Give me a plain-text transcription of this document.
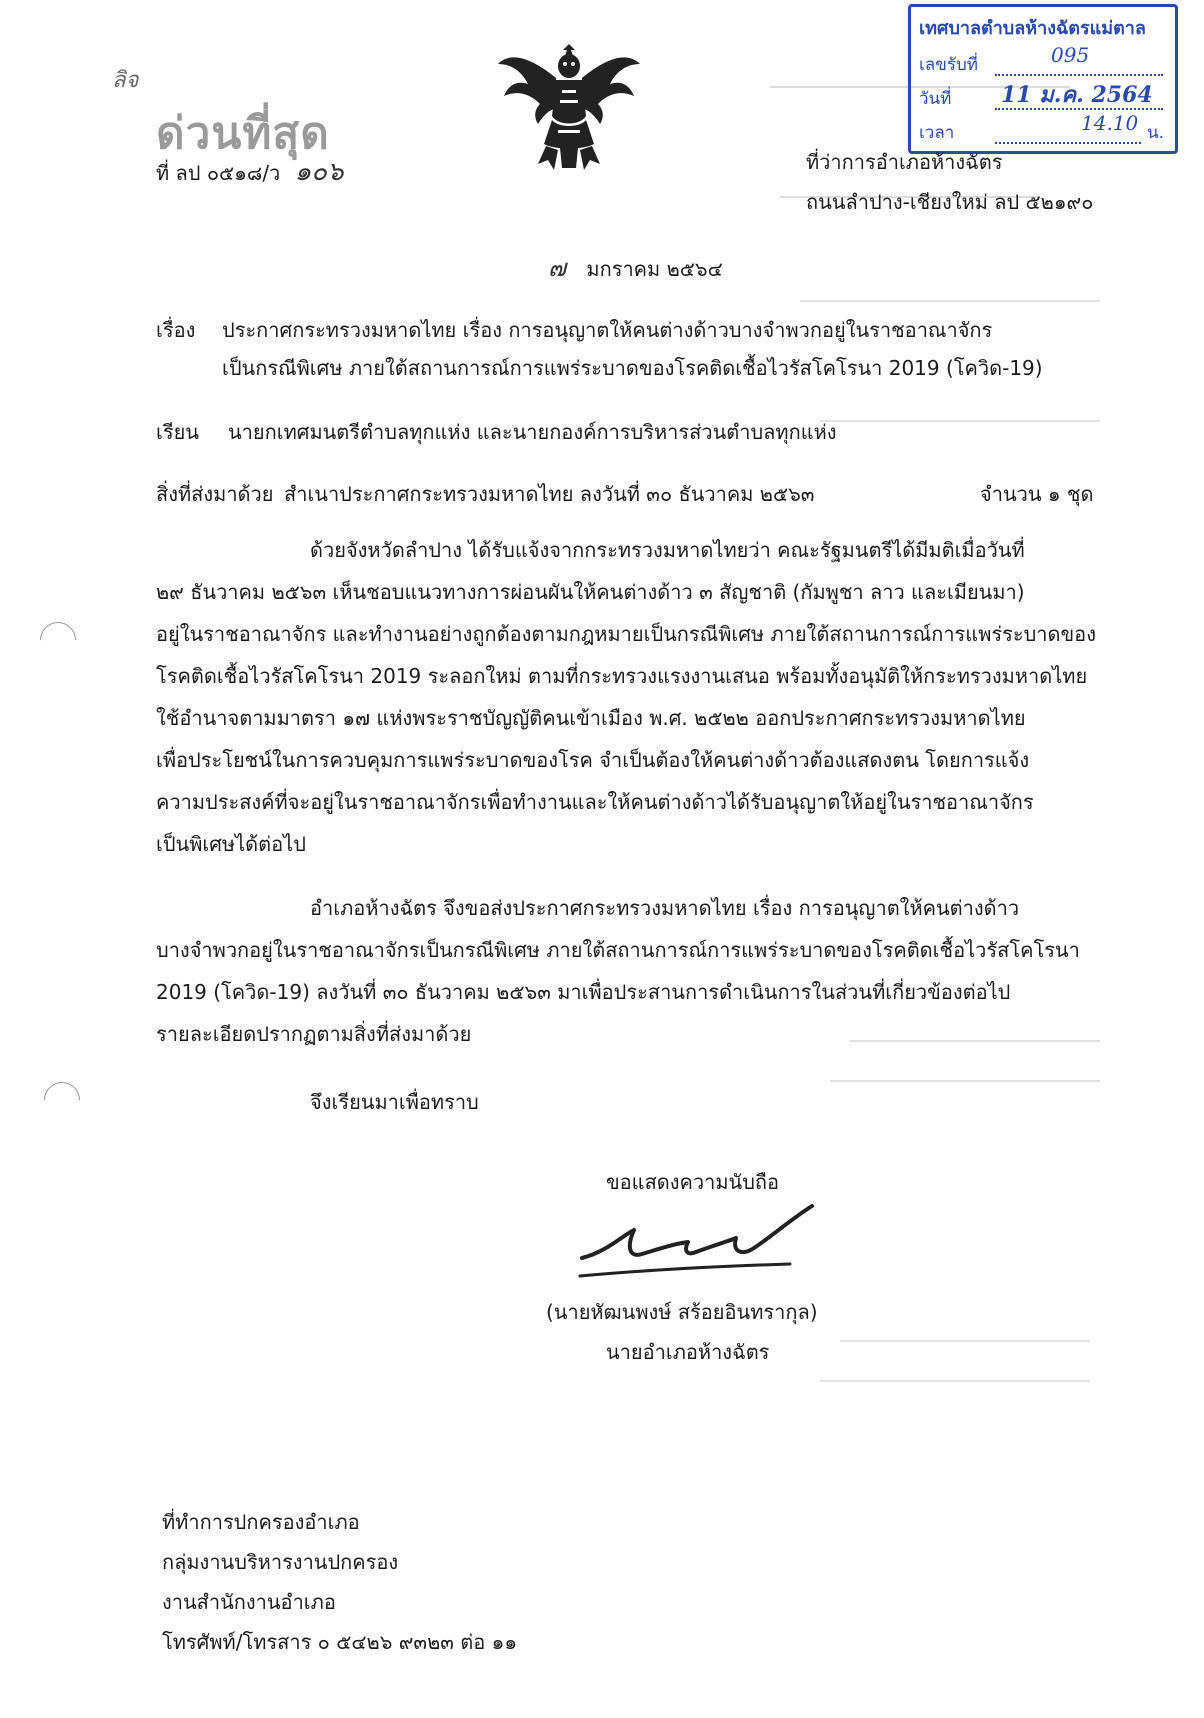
ลิจ
ด่วนที่สุด
ที่ ลป ๐๕๑๘/ว ๑๐๖
เทศบาลตำบลห้างฉัตรแม่ตาล
เลขรับที่	095
วันที่ 11 ม.ค. 2564
เวลา	14.10 น.
ที่ว่าการอำเภอห้างฉัตร
ถนนลำปาง-เชียงใหม่ ลป ๕๒๑๙๐
๗ มกราคม ๒๕๖๔
เรื่อง ประกาศกระทรวงมหาดไทย เรื่อง การอนุญาตให้คนต่างด้าวบางจำพวกอยู่ในราชอาณาจักร
เป็นกรณีพิเศษ ภายใต้สถานการณ์การแพร่ระบาดของโรคติดเชื้อไวรัสโคโรนา 2019 (โควิด-19)
เรียน นายกเทศมนตรีตำบลทุกแห่ง และนายกองค์การบริหารส่วนตำบลทุกแห่ง
สิ่งที่ส่งมาด้วย สำเนาประกาศกระทรวงมหาดไทย ลงวันที่ ๓๐ ธันวาคม ๒๕๖๓	จำนวน ๑ ชุด
ด้วยจังหวัดลำปาง ได้รับแจ้งจากกระทรวงมหาดไทยว่า คณะรัฐมนตรีได้มีมติเมื่อวันที่
๒๙ ธันวาคม ๒๕๖๓ เห็นชอบแนวทางการผ่อนผันให้คนต่างด้าว ๓ สัญชาติ (กัมพูชา ลาว และเมียนมา)
อยู่ในราชอาณาจักร และทำงานอย่างถูกต้องตามกฎหมายเป็นกรณีพิเศษ ภายใต้สถานการณ์การแพร่ระบาดของ
โรคติดเชื้อไวรัสโคโรนา 2019 ระลอกใหม่ ตามที่กระทรวงแรงงานเสนอ พร้อมทั้งอนุมัติให้กระทรวงมหาดไทย
ใช้อำนาจตามมาตรา ๑๗ แห่งพระราชบัญญัติคนเข้าเมือง พ.ศ. ๒๕๒๒ ออกประกาศกระทรวงมหาดไทย
เพื่อประโยชน์ในการควบคุมการแพร่ระบาดของโรค จำเป็นต้องให้คนต่างด้าวต้องแสดงตน โดยการแจ้ง
ความประสงค์ที่จะอยู่ในราชอาณาจักรเพื่อทำงานและให้คนต่างด้าวได้รับอนุญาตให้อยู่ในราชอาณาจักร
เป็นพิเศษได้ต่อไป
อำเภอห้างฉัตร จึงขอส่งประกาศกระทรวงมหาดไทย เรื่อง การอนุญาตให้คนต่างด้าว
บางจำพวกอยู่ในราชอาณาจักรเป็นกรณีพิเศษ ภายใต้สถานการณ์การแพร่ระบาดของโรคติดเชื้อไวรัสโคโรนา
2019 (โควิด-19) ลงวันที่ ๓๐ ธันวาคม ๒๕๖๓ มาเพื่อประสานการดำเนินการในส่วนที่เกี่ยวข้องต่อไป
รายละเอียดปรากฏตามสิ่งที่ส่งมาด้วย
จึงเรียนมาเพื่อทราบ
ขอแสดงความนับถือ
(นายหัฒนพงษ์ สร้อยอินทรากุล)
นายอำเภอห้างฉัตร
ที่ทำการปกครองอำเภอ
กลุ่มงานบริหารงานปกครอง
งานสำนักงานอำเภอ
โทรศัพท์/โทรสาร ๐ ๕๔๒๖ ๙๓๒๓ ต่อ ๑๑
